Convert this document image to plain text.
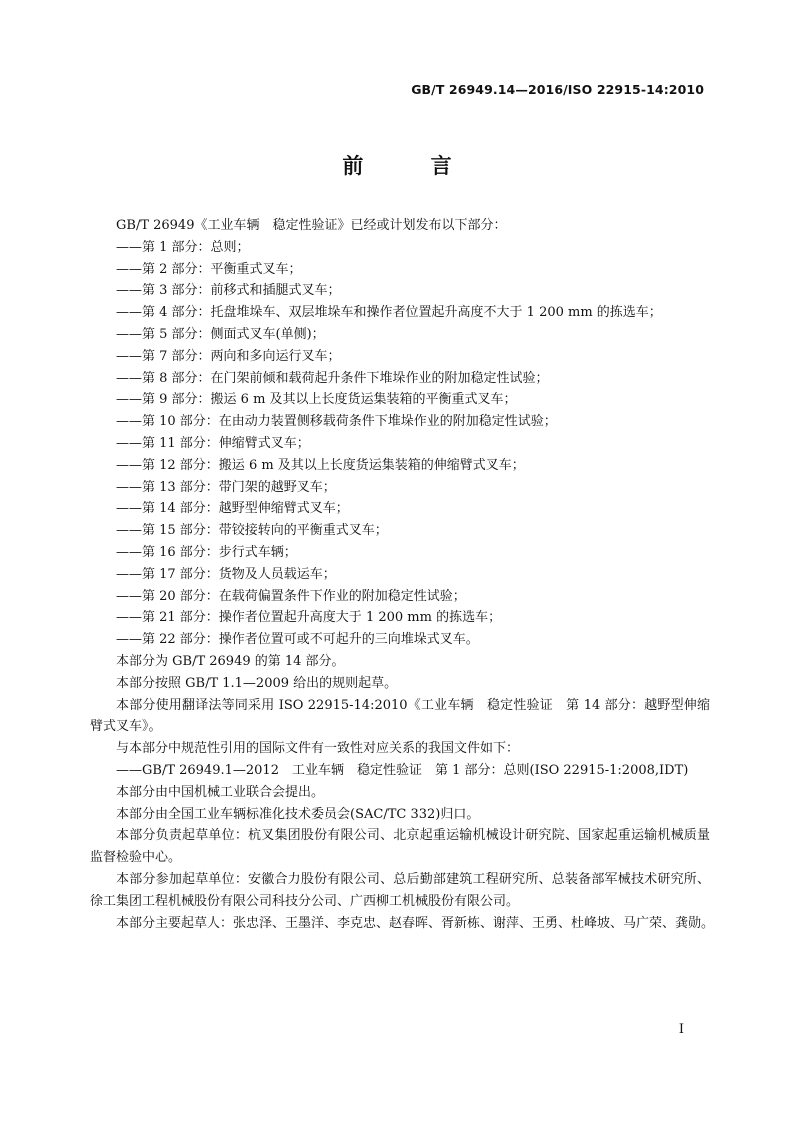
GB/T 26949.14—2016/ISO 22915-14:2010
前 言

GB/T 26949《工业车辆　稳定性验证》已经或计划发布以下部分：

——第 1 部分：总则；

——第 2 部分：平衡重式叉车；

——第 3 部分：前移式和插腿式叉车；

——第 4 部分：托盘堆垛车、双层堆垛车和操作者位置起升高度不大于 1 200 mm 的拣选车；

——第 5 部分：侧面式叉车(单侧)；

——第 7 部分：两向和多向运行叉车；

——第 8 部分：在门架前倾和载荷起升条件下堆垛作业的附加稳定性试验；

——第 9 部分：搬运 6 m 及其以上长度货运集装箱的平衡重式叉车；

——第 10 部分：在由动力装置侧移载荷条件下堆垛作业的附加稳定性试验；

——第 11 部分：伸缩臂式叉车；

——第 12 部分：搬运 6 m 及其以上长度货运集装箱的伸缩臂式叉车；

——第 13 部分：带门架的越野叉车；

——第 14 部分：越野型伸缩臂式叉车；

——第 15 部分：带铰接转向的平衡重式叉车；

——第 16 部分：步行式车辆；

——第 17 部分：货物及人员载运车；

——第 20 部分：在载荷偏置条件下作业的附加稳定性试验；

——第 21 部分：操作者位置起升高度大于 1 200 mm 的拣选车；

——第 22 部分：操作者位置可或不可起升的三向堆垛式叉车。

本部分为 GB/T 26949 的第 14 部分。

本部分按照 GB/T 1.1—2009 给出的规则起草。

本部分使用翻译法等同采用 ISO 22915-14:2010《工业车辆　稳定性验证　第 14 部分：越野型伸缩臂式叉车》。

与本部分中规范性引用的国际文件有一致性对应关系的我国文件如下：

——GB/T 26949.1—2012　工业车辆　稳定性验证　第 1 部分：总则(ISO 22915-1:2008,IDT)

本部分由中国机械工业联合会提出。

本部分由全国工业车辆标准化技术委员会(SAC/TC 332)归口。

本部分负责起草单位：杭叉集团股份有限公司、北京起重运输机械设计研究院、国家起重运输机械质量监督检验中心。

本部分参加起草单位：安徽合力股份有限公司、总后勤部建筑工程研究所、总装备部军械技术研究所、徐工集团工程机械股份有限公司科技分公司、广西柳工机械股份有限公司。

本部分主要起草人：张忠泽、王墨洋、李克忠、赵春晖、胥新栋、谢萍、王勇、杜峰坡、马广荣、龚勋。

I
